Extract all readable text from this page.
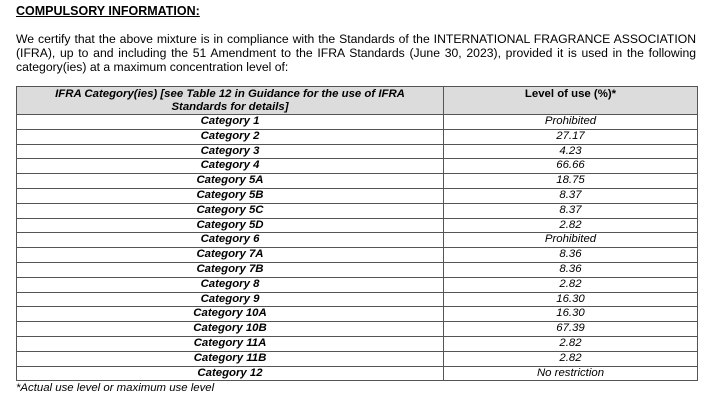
COMPULSORY INFORMATION:

We certify that the above mixture is in compliance with the Standards of the INTERNATIONAL FRAGRANCE ASSOCIATION (IFRA), up to and including the 51 Amendment to the IFRA Standards (June 30, 2023), provided it is used in the following category(ies) at a maximum concentration level of:
IFRA Category(ies) [see Table 12 in Guidance for the use of IFRA Standards for details]	Level of use (%)*
Category 1	Prohibited
Category 2	27.17
Category 3	4.23
Category 4	66.66
Category 5A	18.75
Category 5B	8.37
Category 5C	8.37
Category 5D	2.82
Category 6	Prohibited
Category 7A	8.36
Category 7B	8.36
Category 8	2.82
Category 9	16.30
Category 10A	16.30
Category 10B	67.39
Category 11A	2.82
Category 11B	2.82
Category 12	No restriction
*Actual use level or maximum use level
